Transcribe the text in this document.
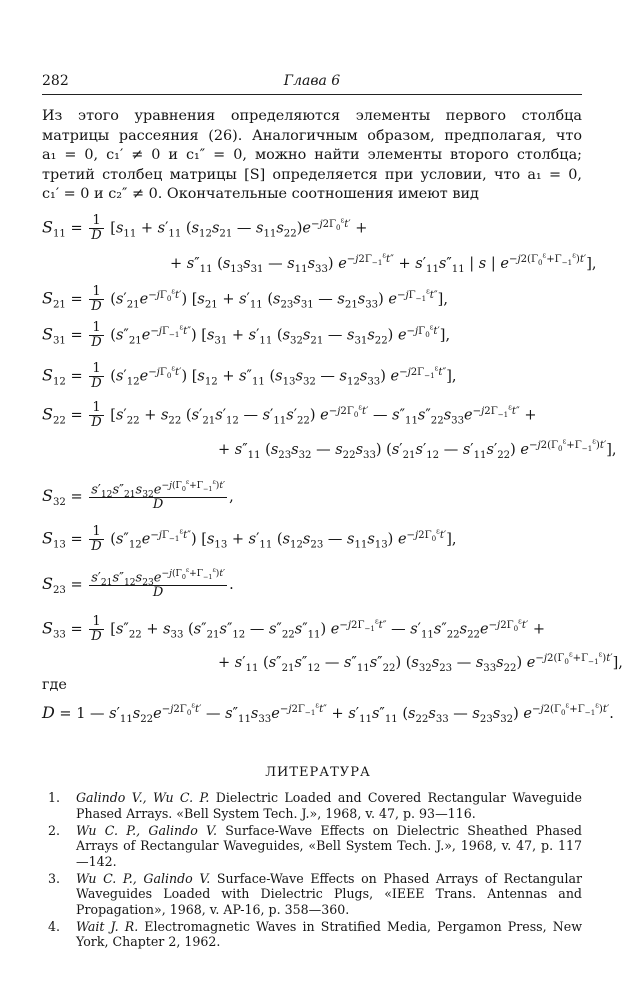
282	Глава 6
Из этого уравнения определяются элементы первого столбца
матрицы рассеяния (26). Аналогичным образом, предполагая, что
a₁ = 0, c₁′ ≠ 0 и c₁″ = 0, можно найти элементы второго столбца;
третий столбец матрицы [S] определяется при условии, что a₁ = 0,
c₁′ = 0 и c₂″ ≠ 0. Окончательные соотношения имеют вид
$S_{11} = \frac{1}{D} [s_{11} + s'_{11}$ ($s_{12}s_{21}$ — $s_{11}s_{22})e^{-j2\Gamma_0^\varepsilon t'}$ +
+ $s''_{11}$ ($s_{13}s_{31}$ — $s_{11}s_{33}$) $e^{-j2\Gamma_{-1}^\varepsilon t''} + s'_{11}s''_{11}$ | s | $e^{-j2(\Gamma_0^\varepsilon+\Gamma_{-1}^\varepsilon)t'}$],
$S_{21} = \frac{1}{D} (s'_{21}e^{-j\Gamma_0^\varepsilon t'}) [s_{21} + s'_{11}$ ($s_{23}s_{31}$ — $s_{21}s_{33}$) $e^{-j\Gamma_{-1}^\varepsilon t''}$],
$S_{31} = \frac{1}{D} (s''_{21}e^{-j\Gamma_{-1}^\varepsilon t''}) [s_{31} + s'_{11}$ ($s_{32}s_{21}$ — $s_{31}s_{22}$) $e^{-j\Gamma_0^\varepsilon t'}$],
$S_{12} = \frac{1}{D} (s'_{12}e^{-j\Gamma_0^\varepsilon t'}) [s_{12} + s''_{11}$ ($s_{13}s_{32}$ — $s_{12}s_{33}$) $e^{-j2\Gamma_{-1}^\varepsilon t''}$],
$S_{22} = \frac{1}{D} [s'_{22} + s_{22}$ ($s'_{21}s'_{12}$ — $s'_{11}s'_{22}$) $e^{-j2\Gamma_0^\varepsilon t'}$ — $s''_{11}s''_{22}s_{33}e^{-j2\Gamma_{-1}^\varepsilon t''}$ +
+ $s''_{11}$ ($s_{23}s_{32}$ — $s_{22}s_{33}$) ($s'_{21}s'_{12}$ — $s'_{11}s'_{22}$) $e^{-j2(\Gamma_0^\varepsilon+\Gamma_{-1}^\varepsilon)t'}$],
$S_{32} = \frac{s'_{12}s''_{21}s_{32}e^{-j(\Gamma_0^\varepsilon+\Gamma_{-1}^\varepsilon)t'}}{D}$ ,
$S_{13} = \frac{1}{D} (s''_{12}e^{-j\Gamma_{-1}^\varepsilon t''}) [s_{13} + s'_{11}$ ($s_{12}s_{23}$ — $s_{11}s_{13}$) $e^{-j2\Gamma_0^\varepsilon t'}$],
$S_{23} = \frac{s'_{21}s''_{12}s_{23}e^{-j(\Gamma_0^\varepsilon+\Gamma_{-1}^\varepsilon)t'}}{D}$ .
$S_{33} = \frac{1}{D} [s''_{22} + s_{33}$ ($s''_{21}s''_{12}$ — $s''_{22}s''_{11}$) $e^{-j2\Gamma_{-1}^\varepsilon t''}$ — $s'_{11}s''_{22}s_{22}e^{-j2\Gamma_0^\varepsilon t'}$ +
+ $s'_{11}$ ($s''_{21}s''_{12}$ — $s''_{11}s''_{22}$) ($s_{32}s_{23}$ — $s_{33}s_{22}$) $e^{-j2(\Gamma_0^\varepsilon+\Gamma_{-1}^\varepsilon)t'}$],
где
D = 1 — $s'_{11}s_{22}e^{-j2\Gamma_0^\varepsilon t'}$ — $s''_{11}s_{33}e^{-j2\Gamma_{-1}^\varepsilon t''} + s'_{11}s''_{11}$ ($s_{22}s_{33}$ — $s_{23}s_{32}$) $e^{-j2(\Gamma_0^\varepsilon+\Gamma_{-1}^\varepsilon)t'}$.
ЛИТЕРАТУРА
1. Galindo V., Wu C. P. Dielectric Loaded and Covered Rectangular Waveguide Phased Arrays. «Bell System Tech. J.», 1968, v. 47, p. 93—116.
2. Wu C. P., Galindo V. Surface-Wave Effects on Dielectric Sheathed Phased Arrays of Rectangular Waveguides, «Bell System Tech. J.», 1968, v. 47, p. 117—142.
3. Wu C. P., Galindo V. Surface-Wave Effects on Phased Arrays of Rectangular Waveguides Loaded with Dielectric Plugs, «IEEE Trans. Antennas and Propagation», 1968, v. AP-16, p. 358—360.
4. Wait J. R. Electromagnetic Waves in Stratified Media, Pergamon Press, New York, Chapter 2, 1962.
